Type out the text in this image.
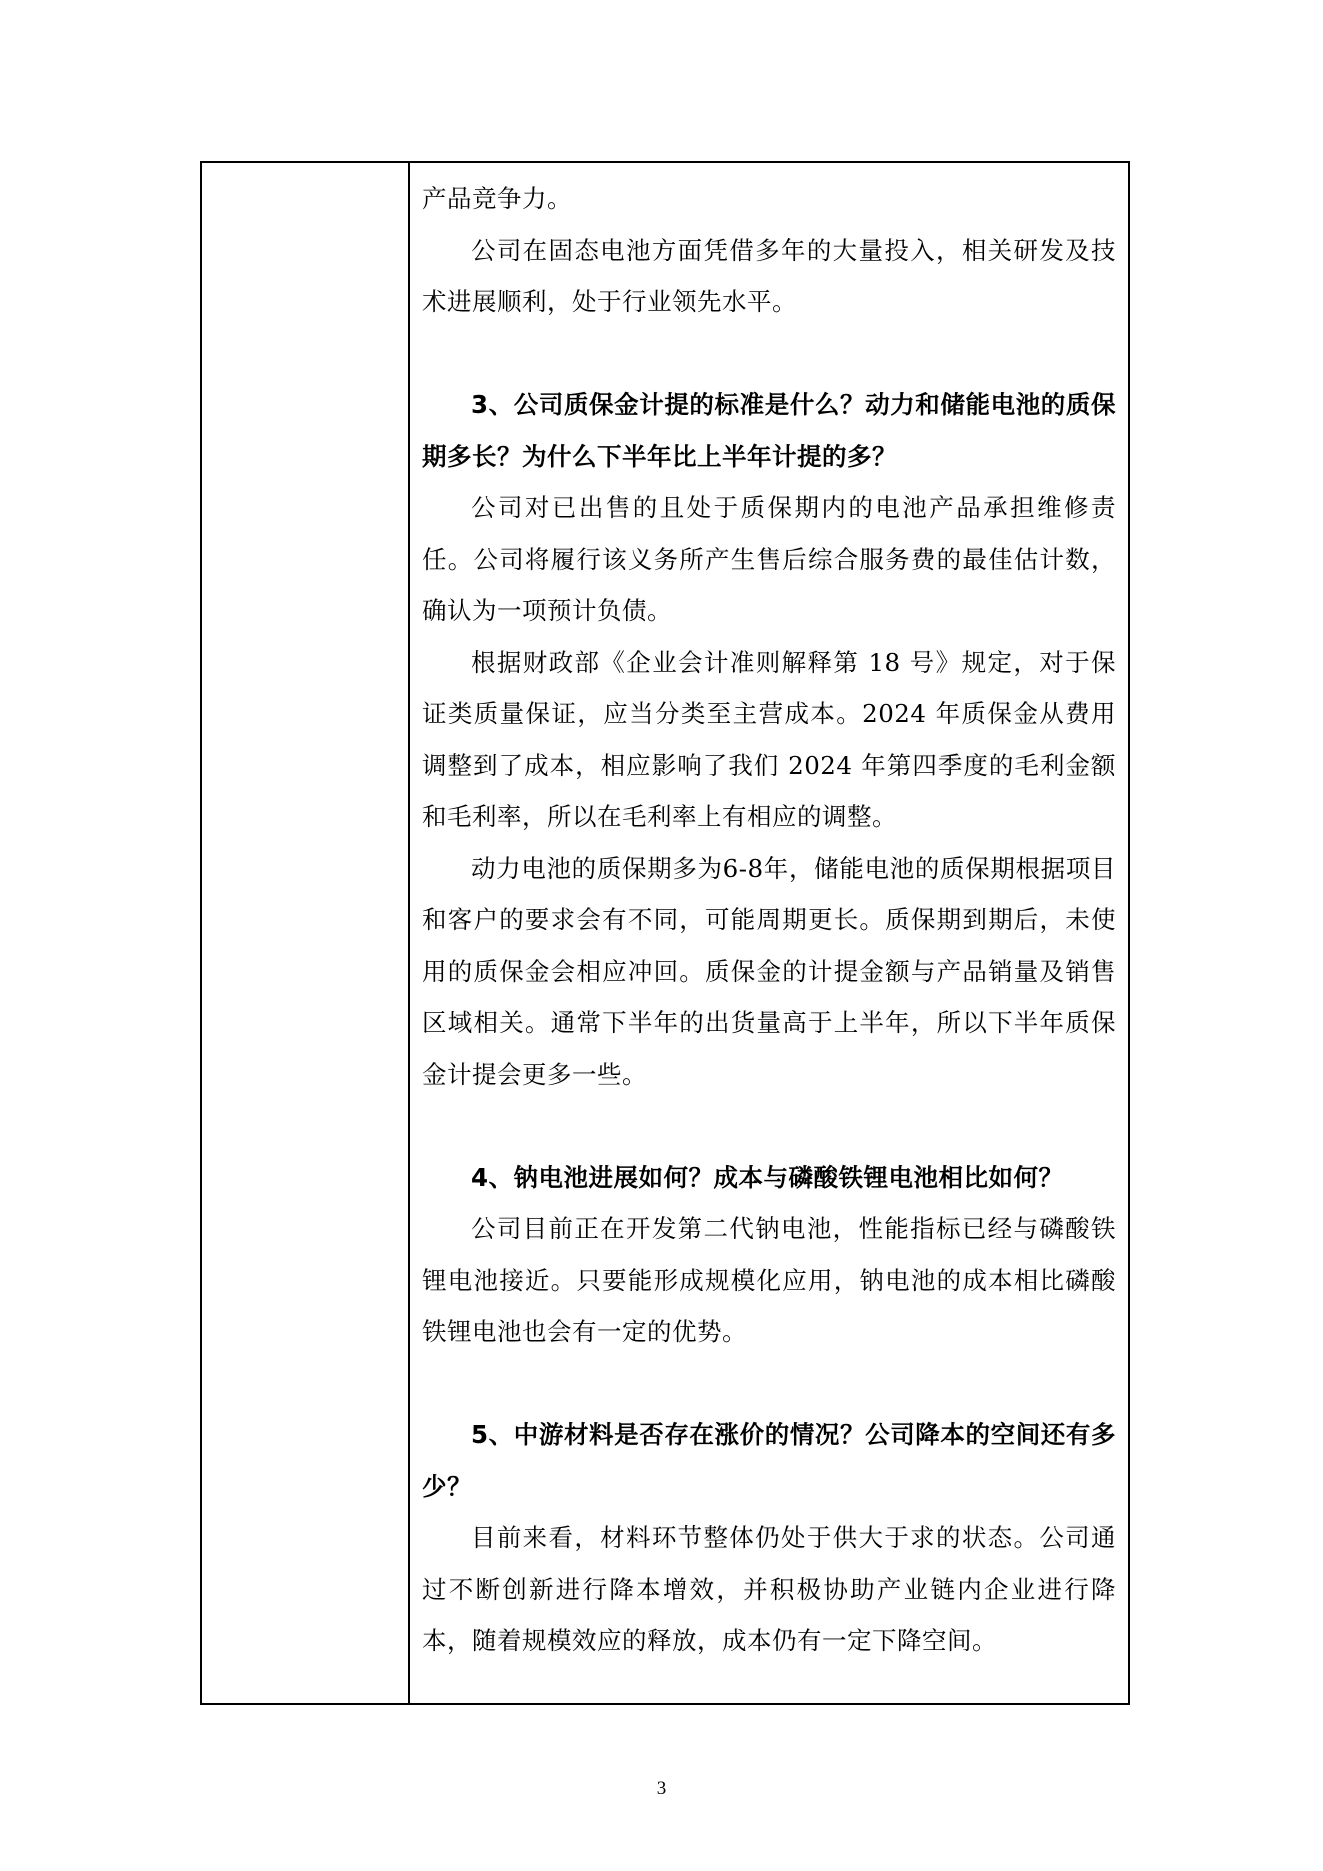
产品竞争力。

公司在固态电池方面凭借多年的大量投入，相关研发及技术进展顺利，处于行业领先水平。

3、公司质保金计提的标准是什么？动力和储能电池的质保期多长？为什么下半年比上半年计提的多？

公司对已出售的且处于质保期内的电池产品承担维修责任。公司将履行该义务所产生售后综合服务费的最佳估计数，确认为一项预计负债。

根据财政部《企业会计准则解释第 18 号》规定，对于保证类质量保证，应当分类至主营成本。2024 年质保金从费用调整到了成本，相应影响了我们 2024 年第四季度的毛利金额和毛利率，所以在毛利率上有相应的调整。

动力电池的质保期多为6-8年，储能电池的质保期根据项目和客户的要求会有不同，可能周期更长。质保期到期后，未使用的质保金会相应冲回。质保金的计提金额与产品销量及销售区域相关。通常下半年的出货量高于上半年，所以下半年质保金计提会更多一些。

4、钠电池进展如何？成本与磷酸铁锂电池相比如何？

公司目前正在开发第二代钠电池，性能指标已经与磷酸铁锂电池接近。只要能形成规模化应用，钠电池的成本相比磷酸铁锂电池也会有一定的优势。

5、中游材料是否存在涨价的情况？公司降本的空间还有多少？

目前来看，材料环节整体仍处于供大于求的状态。公司通过不断创新进行降本增效，并积极协助产业链内企业进行降本，随着规模效应的释放，成本仍有一定下降空间。

3
